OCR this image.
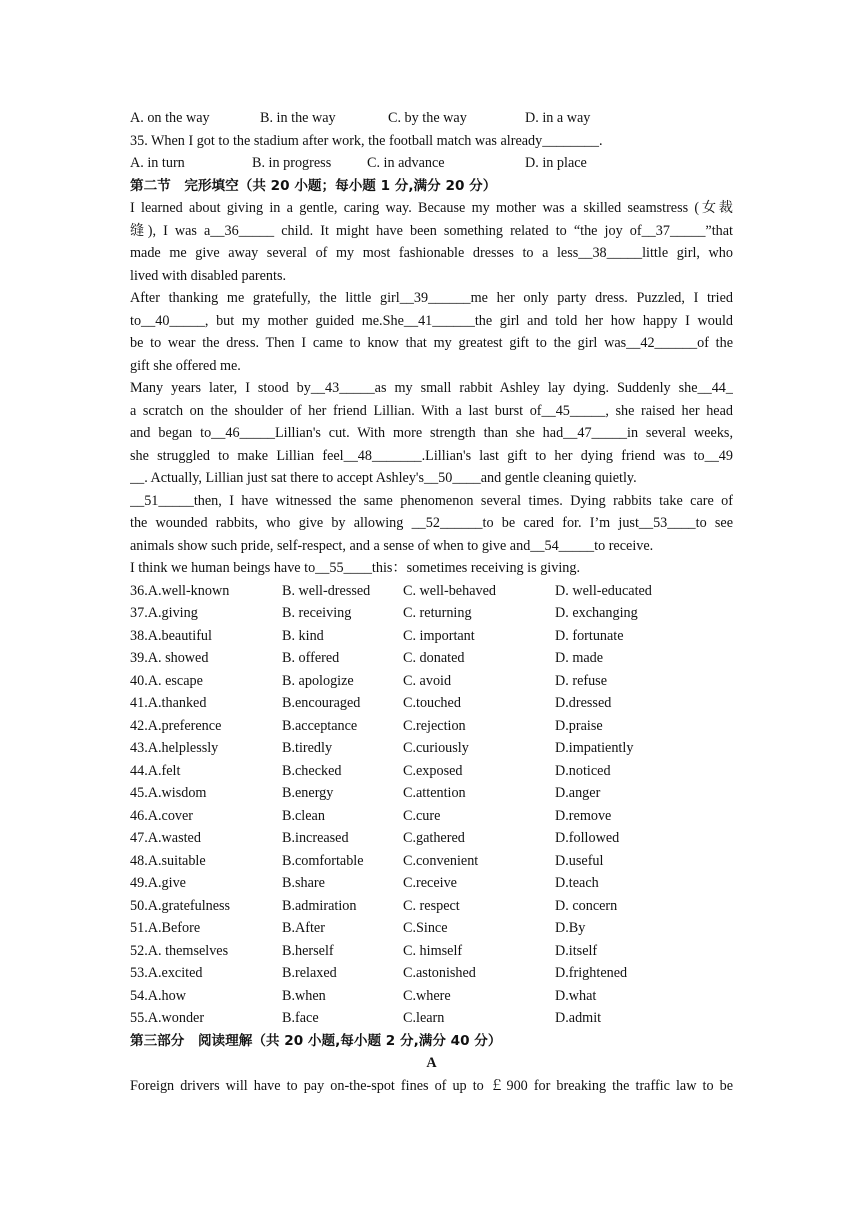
A. on the way	B. in the way	C. by the way	D. in a way
35. When I got to the stadium after work, the football match was already________.
A. in turn	B. in progress	C. in advance	D. in place
第二节　完形填空（共 20 小题；每小题 1 分,满分 20 分）
I learned about giving in a gentle, caring way. Because my mother was a skilled seamstress (女裁
缝), I was a__36_____ child. It might have been something related to “the joy of__37_____”that
made me give away several of my most fashionable dresses to a less__38_____little girl, who
lived with disabled parents.
After thanking me gratefully, the little girl__39______me her only party dress. Puzzled, I tried
to__40_____, but my mother guided me.She__41______the girl and told her how happy I would
be to wear the dress. Then I came to know that my greatest gift to the girl was__42______of the
gift she offered me.
Many years later, I stood by__43_____as my small rabbit Ashley lay dying. Suddenly she__44_
a scratch on the shoulder of her friend Lillian. With a last burst of__45_____, she raised her head
and began to__46_____Lillian's cut. With more strength than she had__47_____in several weeks,
she struggled to make Lillian feel__48_______.Lillian's last gift to her dying friend was to__49
__. Actually, Lillian just sat there to accept Ashley's__50____and gentle cleaning quietly.
__51_____then, I have witnessed the same phenomenon several times. Dying rabbits take care of
the wounded rabbits, who give by allowing __52______to be cared for. I’m just__53____to see
animals show such pride, self-respect, and a sense of when to give and__54_____to receive.
I think we human beings have to__55____this：sometimes receiving is giving.
36.A.well-known	B. well-dressed	C. well-behaved	D. well-educated
37.A.giving	B. receiving	C. returning	D. exchanging
38.A.beautiful	B. kind	C. important	D. fortunate
39.A. showed	B. offered	C. donated	D. made
40.A. escape	B. apologize	C. avoid	D. refuse
41.A.thanked	B.encouraged	C.touched	D.dressed
42.A.preference	B.acceptance	C.rejection	D.praise
43.A.helplessly	B.tiredly	C.curiously	D.impatiently
44.A.felt	B.checked	C.exposed	D.noticed
45.A.wisdom	B.energy	C.attention	D.anger
46.A.cover	B.clean	C.cure	D.remove
47.A.wasted	B.increased	C.gathered	D.followed
48.A.suitable	B.comfortable	C.convenient	D.useful
49.A.give	B.share	C.receive	D.teach
50.A.gratefulness	B.admiration	C. respect	D. concern
51.A.Before	B.After	C.Since	D.By
52.A. themselves	B.herself	C. himself	D.itself
53.A.excited	B.relaxed	C.astonished	D.frightened
54.A.how	B.when	C.where	D.what
55.A.wonder	B.face	C.learn	D.admit
第三部分　阅读理解（共 20 小题,每小题 2 分,满分 40 分）
A
Foreign drivers will have to pay on-the-spot fines of up to ￡900 for breaking the traffic law to be
